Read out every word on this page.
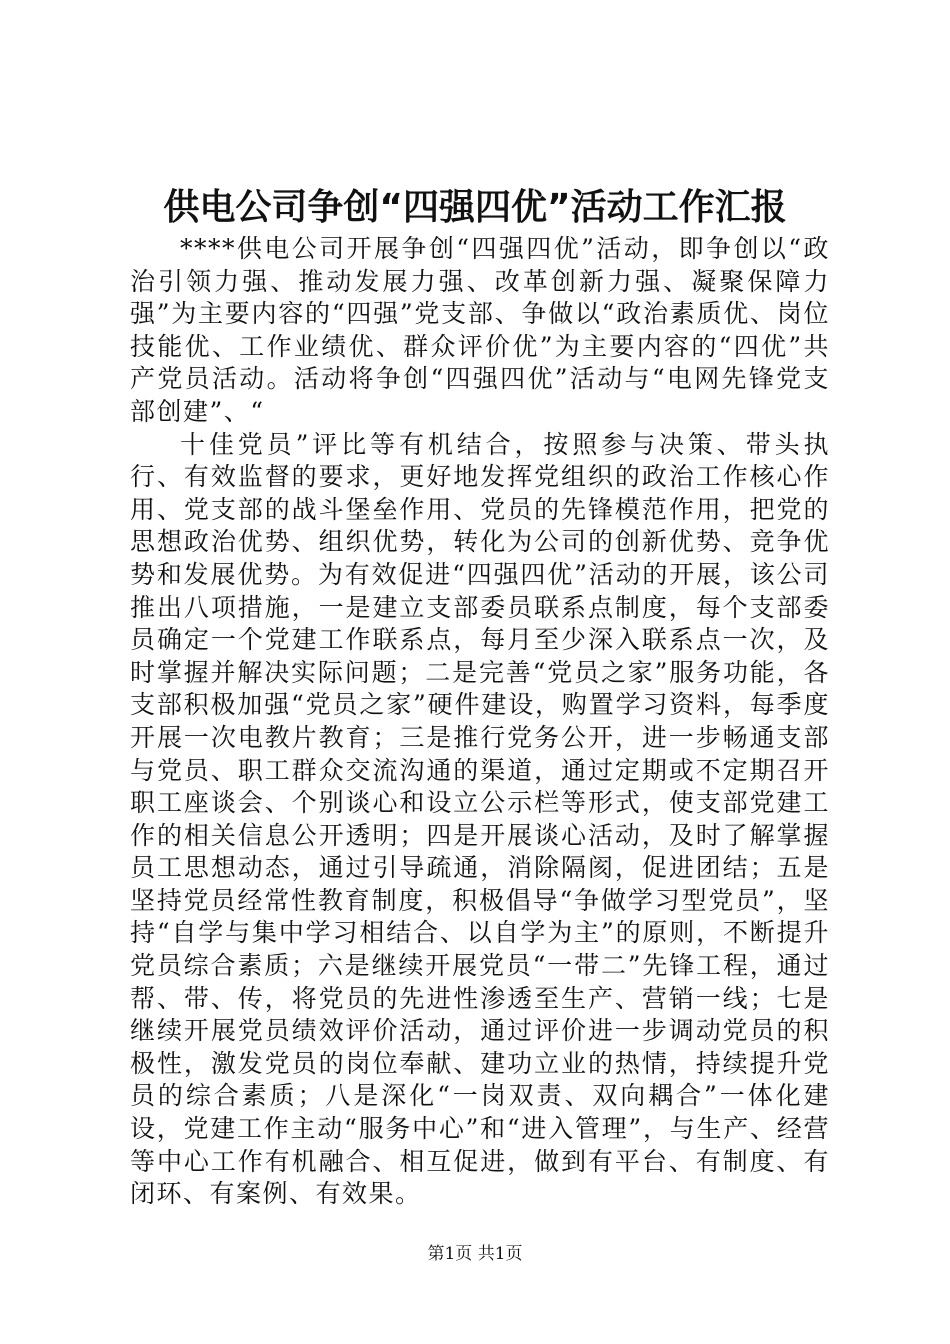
供电公司争创“四强四优”活动工作汇报

****供电公司开展争创“四强四优”活动，即争创以“政治引领力强、推动发展力强、改革创新力强、凝聚保障力强”为主要内容的“四强”党支部、争做以“政治素质优、岗位技能优、工作业绩优、群众评价优”为主要内容的“四优”共产党员活动。活动将争创“四强四优”活动与“电网先锋党支部创建”、“

十佳党员”评比等有机结合，按照参与决策、带头执行、有效监督的要求，更好地发挥党组织的政治工作核心作用、党支部的战斗堡垒作用、党员的先锋模范作用，把党的思想政治优势、组织优势，转化为公司的创新优势、竞争优势和发展优势。为有效促进“四强四优”活动的开展，该公司推出八项措施，一是建立支部委员联系点制度，每个支部委员确定一个党建工作联系点，每月至少深入联系点一次，及时掌握并解决实际问题；二是完善“党员之家”服务功能，各支部积极加强“党员之家”硬件建设，购置学习资料，每季度开展一次电教片教育；三是推行党务公开，进一步畅通支部与党员、职工群众交流沟通的渠道，通过定期或不定期召开职工座谈会、个别谈心和设立公示栏等形式，使支部党建工作的相关信息公开透明；四是开展谈心活动，及时了解掌握员工思想动态，通过引导疏通，消除隔阂，促进团结；五是坚持党员经常性教育制度，积极倡导“争做学习型党员”，坚持“自学与集中学习相结合、以自学为主”的原则，不断提升党员综合素质；六是继续开展党员“一带二”先锋工程，通过帮、带、传，将党员的先进性渗透至生产、营销一线；七是继续开展党员绩效评价活动，通过评价进一步调动党员的积极性，激发党员的岗位奉献、建功立业的热情，持续提升党员的综合素质；八是深化“一岗双责、双向耦合”一体化建设，党建工作主动“服务中心”和“进入管理”，与生产、经营等中心工作有机融合、相互促进，做到有平台、有制度、有闭环、有案例、有效果。

第1页 共1页
